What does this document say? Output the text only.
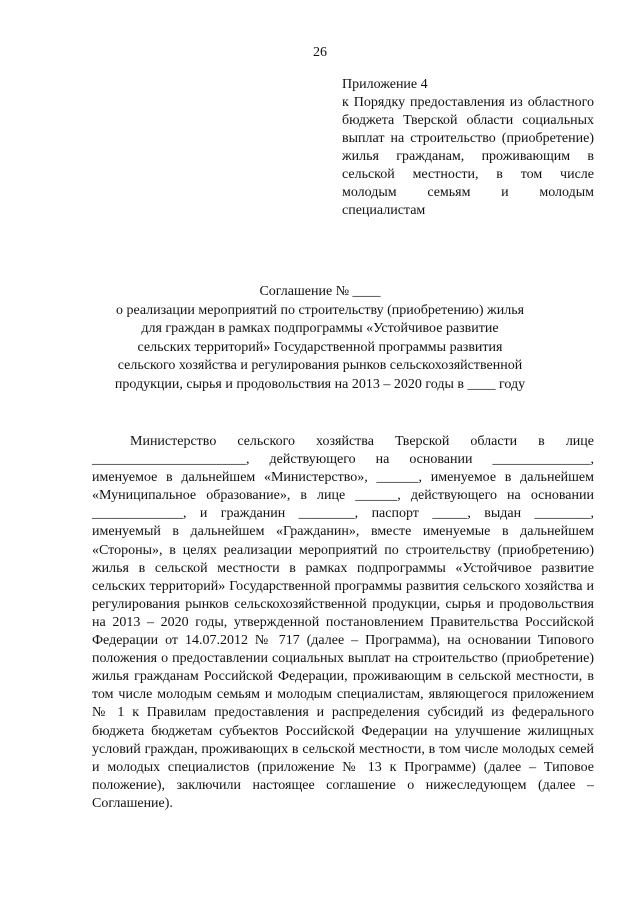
26
Приложение 4
к Порядку предоставления из областного бюджета Тверской области социальных выплат на строительство (приобретение) жилья гражданам, проживающим в сельской местности, в том числе молодым семьям и молодым специалистам
Соглашение № ____
о реализации мероприятий по строительству (приобретению) жилья
для граждан в рамках подпрограммы «Устойчивое развитие
сельских территорий» Государственной программы развития
сельского хозяйства и регулирования рынков сельскохозяйственной
продукции, сырья и продовольствия на 2013 – 2020 годы в ____ году
Министерство сельского хозяйства Тверской области в лице ______________________, действующего на основании ______________, именуемое в дальнейшем «Министерство», ______, именуемое в дальнейшем «Муниципальное образование», в лице ______, действующего на основании _____________, и гражданин ________, паспорт _____, выдан ________, именуемый в дальнейшем «Гражданин», вместе именуемые в дальнейшем «Стороны», в целях реализации мероприятий по строительству (приобретению) жилья в сельской местности в рамках подпрограммы «Устойчивое развитие сельских территорий» Государственной программы развития сельского хозяйства и регулирования рынков сельскохозяйственной продукции, сырья и продовольствия на 2013 – 2020 годы, утвержденной постановлением Правительства Российской Федерации от 14.07.2012 № 717 (далее – Программа), на основании Типового положения о предоставлении социальных выплат на строительство (приобретение) жилья гражданам Российской Федерации, проживающим в сельской местности, в том числе молодым семьям и молодым специалистам, являющегося приложением № 1 к Правилам предоставления и распределения субсидий из федерального бюджета бюджетам субъектов Российской Федерации на улучшение жилищных условий граждан, проживающих в сельской местности, в том числе молодых семей и молодых специалистов (приложение № 13 к Программе) (далее – Типовое положение), заключили настоящее соглашение о нижеследующем (далее – Соглашение).
